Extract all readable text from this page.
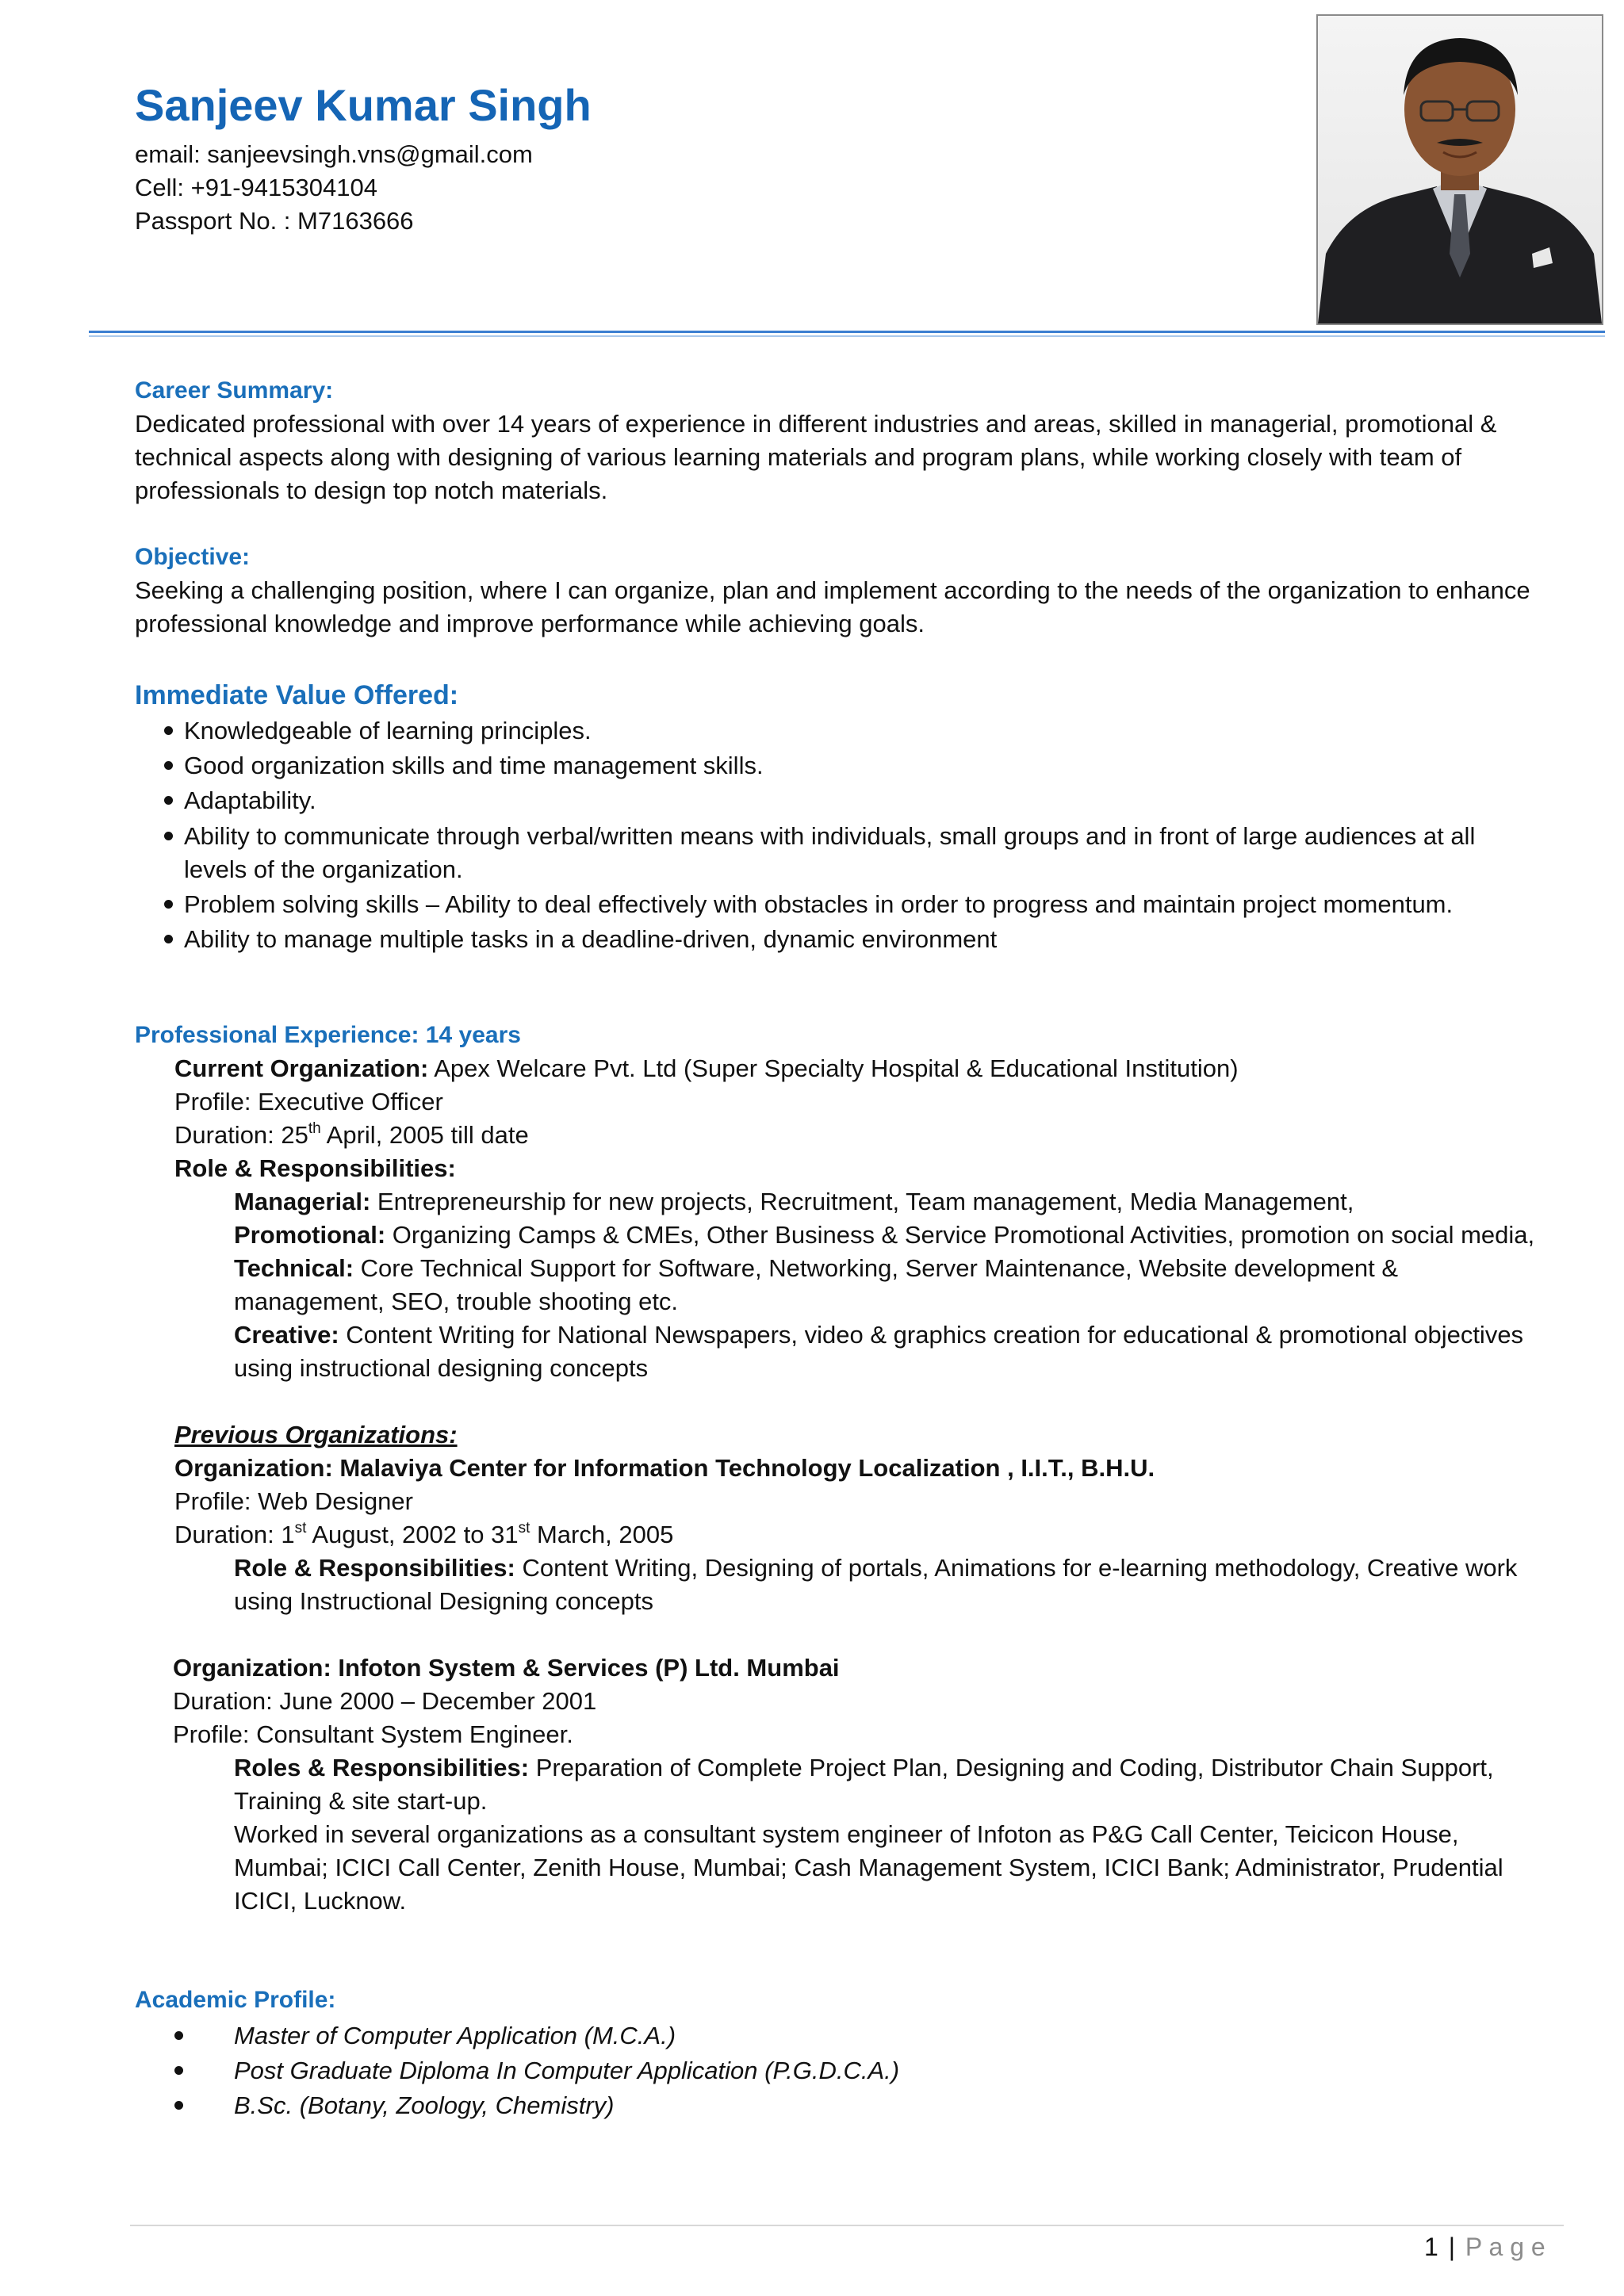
Sanjeev Kumar Singh
email: sanjeevsingh.vns@gmail.com
Cell: +91-9415304104
Passport No. : M7163666
Career Summary:
Dedicated professional with over 14 years of experience in different industries and areas, skilled in managerial, promotional &
technical aspects along with designing of various learning materials and program plans, while working closely with team of
professionals to design top notch materials.
Objective:
Seeking a challenging position, where I can organize, plan and implement according to the needs of the organization to enhance
professional knowledge and improve performance while achieving goals.
Immediate Value Offered:
Knowledgeable of learning principles.
Good organization skills and time management skills.
Adaptability.
Ability to communicate through verbal/written means with individuals, small groups and in front of large audiences at all
levels of the organization.
Problem solving skills – Ability to deal effectively with obstacles in order to progress and maintain project momentum.
Ability to manage multiple tasks in a deadline-driven, dynamic environment
Professional Experience: 14 years
Current Organization: Apex Welcare Pvt. Ltd (Super Specialty Hospital & Educational Institution)
Profile: Executive Officer
Duration: 25th April, 2005 till date
Role & Responsibilities:
Managerial: Entrepreneurship for new projects, Recruitment, Team management, Media Management,
Promotional: Organizing Camps & CMEs, Other Business & Service Promotional Activities, promotion on social media,
Technical: Core Technical Support for Software, Networking, Server Maintenance, Website development &
management, SEO, trouble shooting etc.
Creative: Content Writing for National Newspapers, video & graphics creation for educational & promotional objectives
using instructional designing concepts
Previous Organizations:
Organization: Malaviya Center for Information Technology Localization , I.I.T., B.H.U.
Profile: Web Designer
Duration: 1st August, 2002 to 31st March, 2005
Role & Responsibilities: Content Writing, Designing of portals, Animations for e-learning methodology, Creative work
using Instructional Designing concepts
Organization: Infoton System & Services (P) Ltd. Mumbai
Duration: June 2000 – December 2001
Profile: Consultant System Engineer.
Roles & Responsibilities: Preparation of Complete Project Plan, Designing and Coding, Distributor Chain Support,
Training & site start-up.
Worked in several organizations as a consultant system engineer of Infoton as P&G Call Center, Teicicon House,
Mumbai; ICICI Call Center, Zenith House, Mumbai; Cash Management System, ICICI Bank; Administrator, Prudential
ICICI, Lucknow.
Academic Profile:
Master of Computer Application (M.C.A.)
Post Graduate Diploma In Computer Application (P.G.D.C.A.)
B.Sc. (Botany, Zoology, Chemistry)
1 | P a g e
